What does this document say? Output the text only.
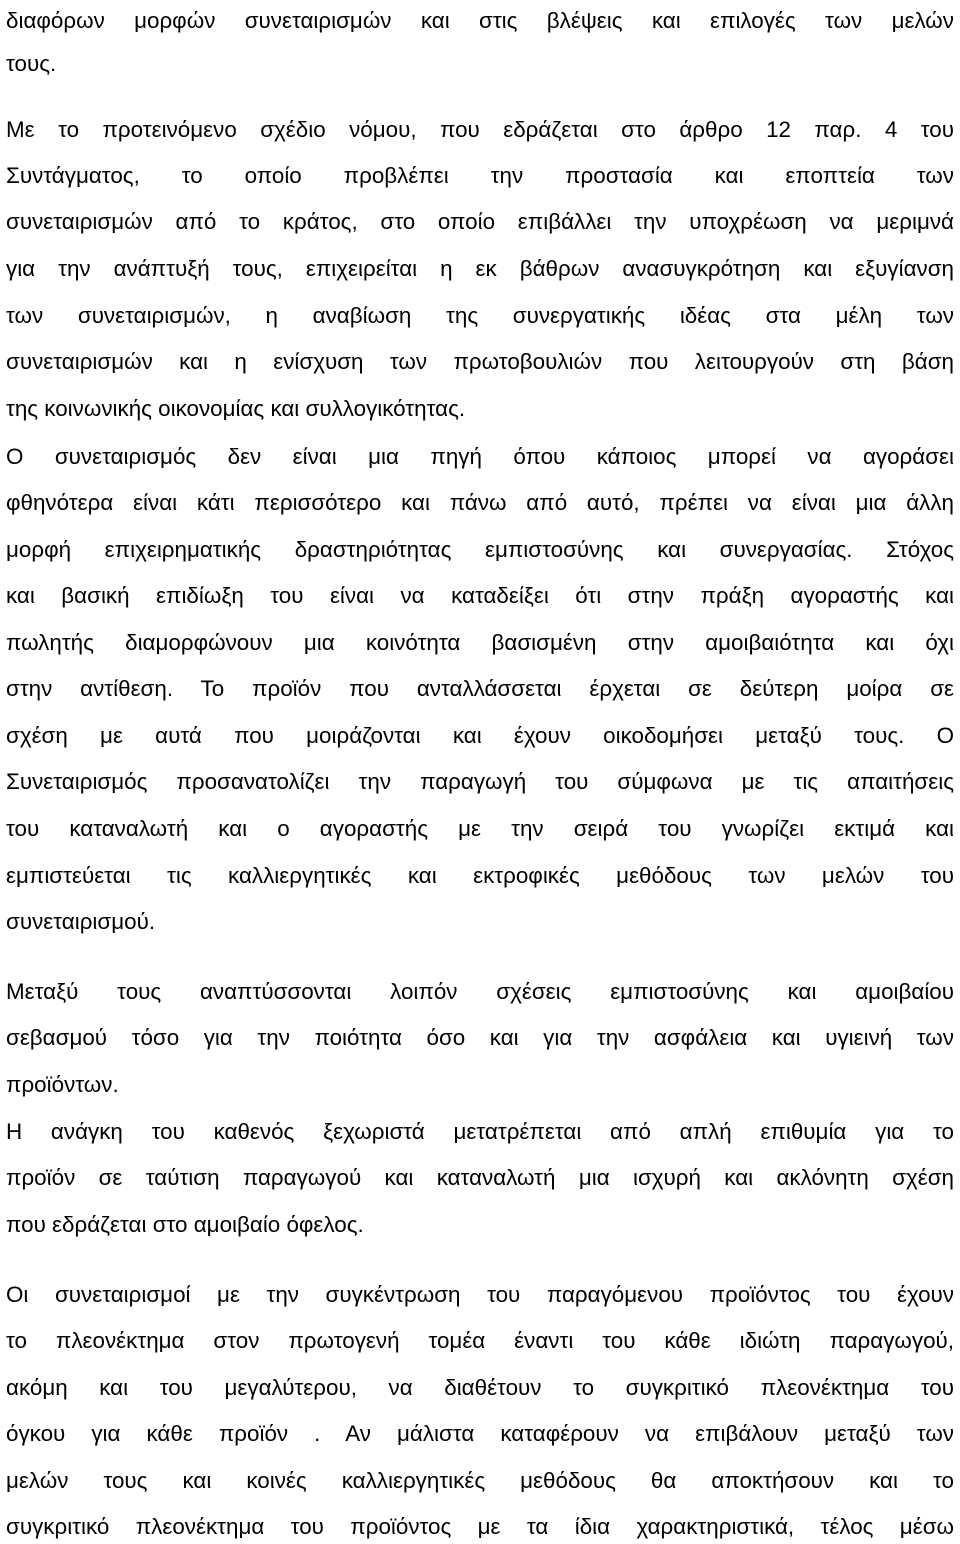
διαφόρων μορφών συνεταιρισμών και στις βλέψεις και επιλογές των μελών
τους.
Με το προτεινόμενο σχέδιο νόμου, που εδράζεται στο άρθρο 12 παρ. 4 του
Συντάγματος, το οποίο προβλέπει την προστασία και εποπτεία των
συνεταιρισμών από το κράτος, στο οποίο επιβάλλει την υποχρέωση να μεριμνά
για την ανάπτυξή τους, επιχειρείται η εκ βάθρων ανασυγκρότηση και εξυγίανση
των συνεταιρισμών, η αναβίωση της συνεργατικής ιδέας στα μέλη των
συνεταιρισμών και η ενίσχυση των πρωτοβουλιών που λειτουργούν στη βάση
της κοινωνικής οικονομίας και συλλογικότητας.
Ο συνεταιρισμός δεν είναι μια πηγή όπου κάποιος μπορεί να αγοράσει
φθηνότερα είναι κάτι περισσότερο και πάνω από αυτό, πρέπει να είναι μια άλλη
μορφή επιχειρηματικής δραστηριότητας εμπιστοσύνης και συνεργασίας. Στόχος
και βασική επιδίωξη του είναι να καταδείξει ότι στην πράξη αγοραστής και
πωλητής διαμορφώνουν μια κοινότητα βασισμένη στην αμοιβαιότητα και όχι
στην αντίθεση. Το προϊόν που ανταλλάσσεται έρχεται σε δεύτερη μοίρα σε
σχέση με αυτά που μοιράζονται και έχουν οικοδομήσει μεταξύ τους. Ο
Συνεταιρισμός προσανατολίζει την παραγωγή του σύμφωνα με τις απαιτήσεις
του καταναλωτή και ο αγοραστής με την σειρά του γνωρίζει εκτιμά και
εμπιστεύεται τις καλλιεργητικές και εκτροφικές μεθόδους των μελών του
συνεταιρισμού.
Μεταξύ τους αναπτύσσονται λοιπόν σχέσεις εμπιστοσύνης και αμοιβαίου
σεβασμού τόσο για την ποιότητα όσο και για την ασφάλεια και υγιεινή των
προϊόντων.
Η ανάγκη του καθενός ξεχωριστά μετατρέπεται από απλή επιθυμία για το
προϊόν σε ταύτιση παραγωγού και καταναλωτή μια ισχυρή και ακλόνητη σχέση
που εδράζεται στο αμοιβαίο όφελος.
Οι συνεταιρισμοί με την συγκέντρωση του παραγόμενου προϊόντος του έχουν
το πλεονέκτημα στον πρωτογενή τομέα έναντι του κάθε ιδιώτη παραγωγού,
ακόμη και του μεγαλύτερου, να διαθέτουν το συγκριτικό πλεονέκτημα του
όγκου για κάθε προϊόν . Αν μάλιστα καταφέρουν να επιβάλουν μεταξύ των
μελών τους και κοινές καλλιεργητικές μεθόδους θα αποκτήσουν και το
συγκριτικό πλεονέκτημα του προϊόντος με τα ίδια χαρακτηριστικά, τέλος μέσω
